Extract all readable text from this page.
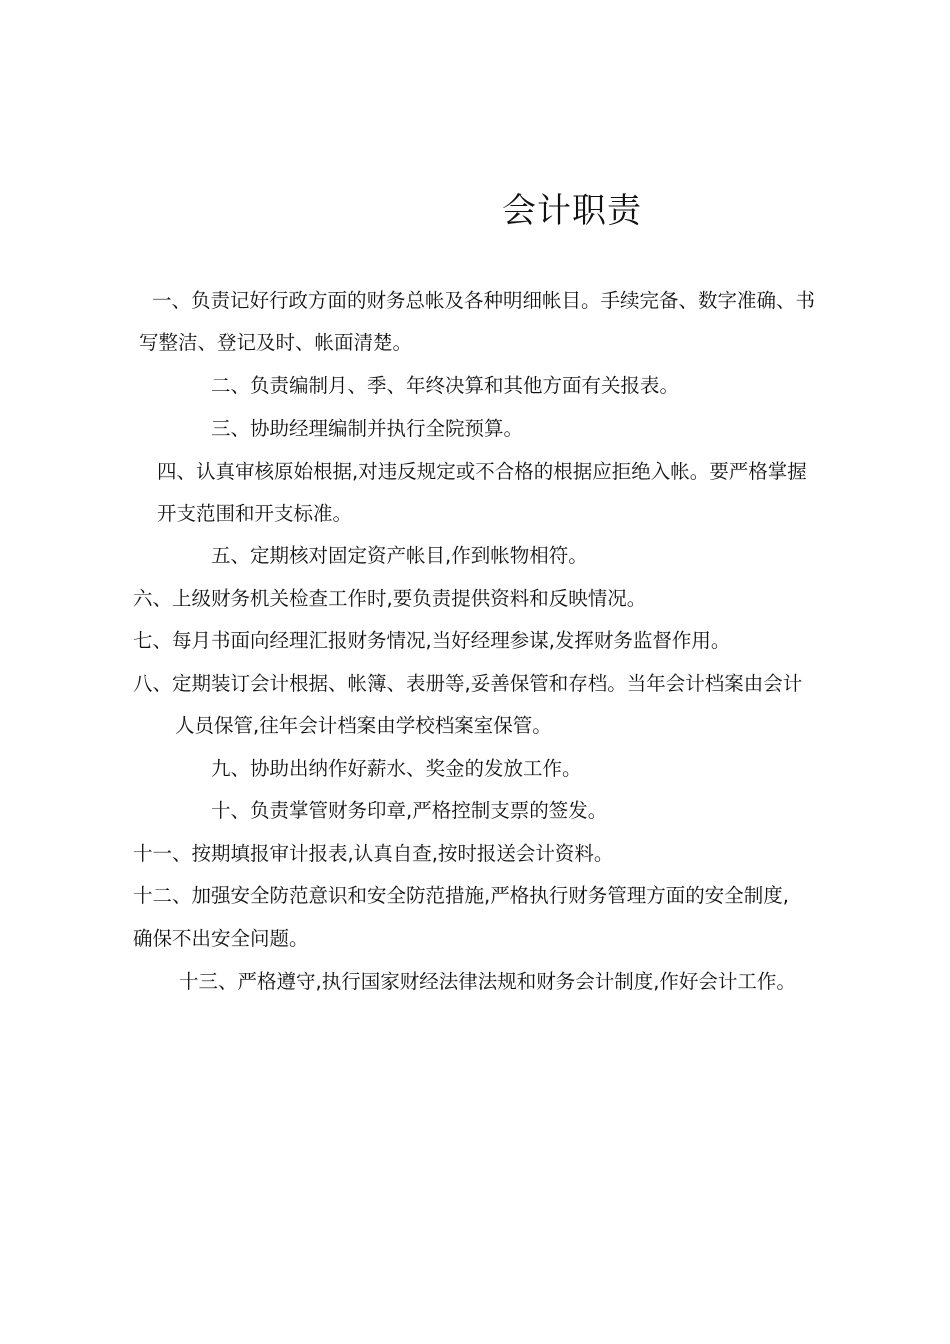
会计职责
一、负责记好行政方面的财务总帐及各种明细帐目。手续完备、数字准确、书
写整洁、登记及时、帐面清楚。
二、负责编制月、季、年终决算和其他方面有关报表。
三、协助经理编制并执行全院预算。
四、认真审核原始根据,对违反规定或不合格的根据应拒绝入帐。要严格掌握
开支范围和开支标准。
五、定期核对固定资产帐目,作到帐物相符。
六、上级财务机关检查工作时,要负责提供资料和反映情况。
七、每月书面向经理汇报财务情况,当好经理参谋,发挥财务监督作用。
八、定期装订会计根据、帐簿、表册等,妥善保管和存档。当年会计档案由会计
人员保管,往年会计档案由学校档案室保管。
九、协助出纳作好薪水、奖金的发放工作。
十、负责掌管财务印章,严格控制支票的签发。
十一、按期填报审计报表,认真自查,按时报送会计资料。
十二、加强安全防范意识和安全防范措施,严格执行财务管理方面的安全制度,
确保不出安全问题。
十三、严格遵守,执行国家财经法律法规和财务会计制度,作好会计工作。
